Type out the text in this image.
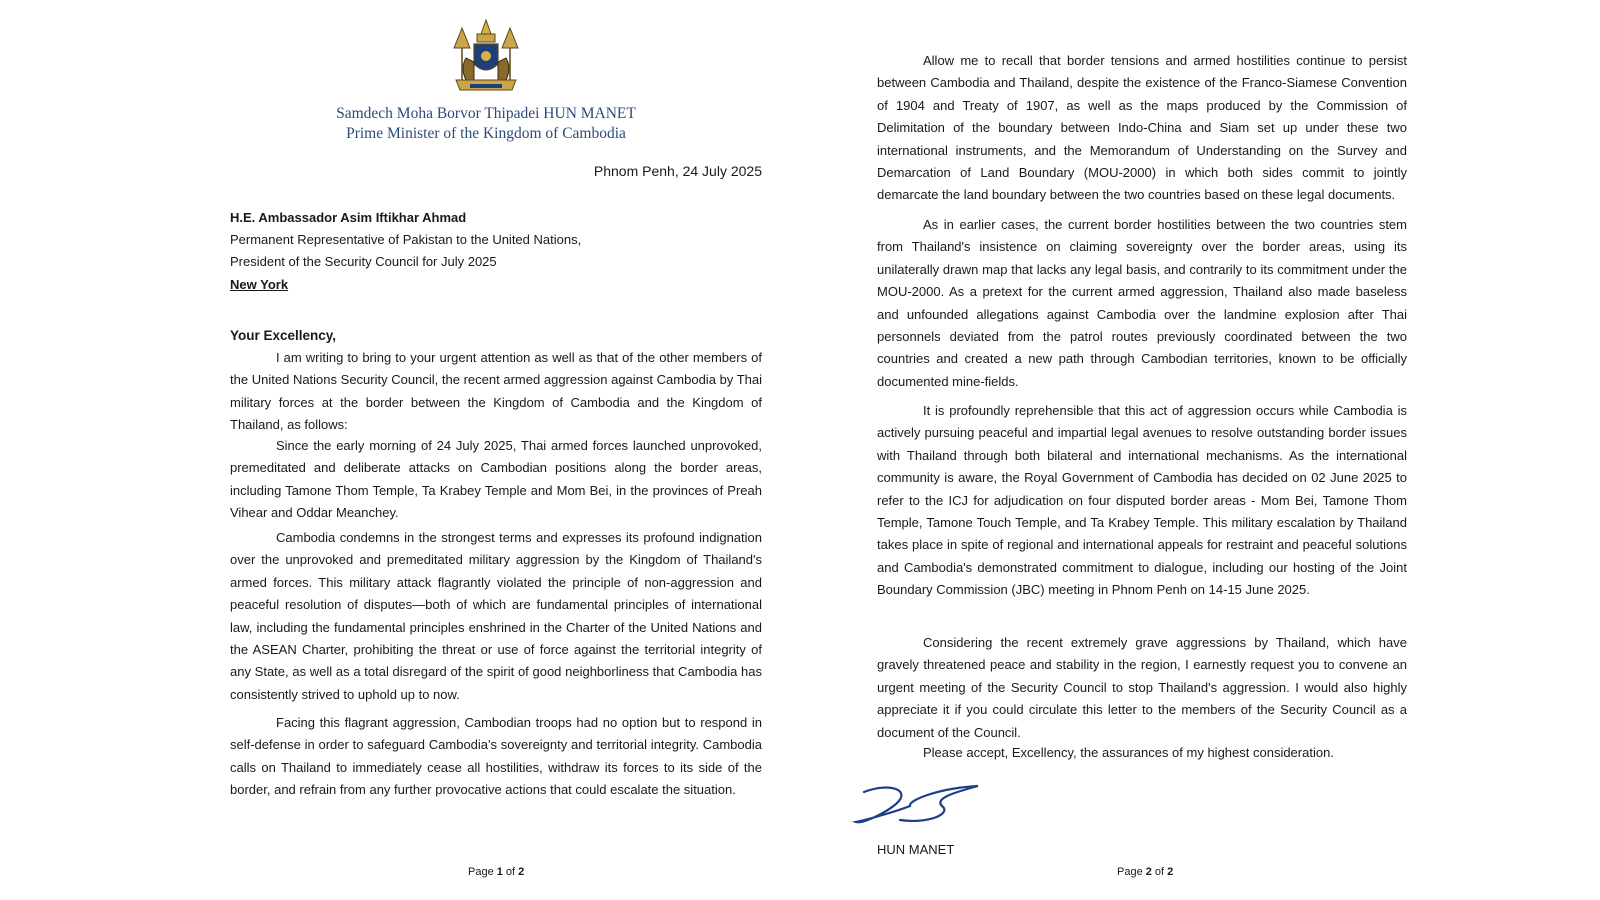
Samdech Moha Borvor Thipadei HUN MANET
Prime Minister of the Kingdom of Cambodia
Phnom Penh, 24 July 2025
H.E. Ambassador Asim Iftikhar Ahmad
Permanent Representative of Pakistan to the United Nations,
President of the Security Council for July 2025
New York
Your Excellency,

I am writing to bring to your urgent attention as well as that of the other members of the United Nations Security Council, the recent armed aggression against Cambodia by Thai military forces at the border between the Kingdom of Cambodia and the Kingdom of Thailand, as follows:

Since the early morning of 24 July 2025, Thai armed forces launched unprovoked, premeditated and deliberate attacks on Cambodian positions along the border areas, including Tamone Thom Temple, Ta Krabey Temple and Mom Bei, in the provinces of Preah Vihear and Oddar Meanchey.

Cambodia condemns in the strongest terms and expresses its profound indignation over the unprovoked and premeditated military aggression by the Kingdom of Thailand's armed forces. This military attack flagrantly violated the principle of non-aggression and peaceful resolution of disputes—both of which are fundamental principles of international law, including the fundamental principles enshrined in the Charter of the United Nations and the ASEAN Charter, prohibiting the threat or use of force against the territorial integrity of any State, as well as a total disregard of the spirit of good neighborliness that Cambodia has consistently strived to uphold up to now.

Facing this flagrant aggression, Cambodian troops had no option but to respond in self-defense in order to safeguard Cambodia's sovereignty and territorial integrity. Cambodia calls on Thailand to immediately cease all hostilities, withdraw its forces to its side of the border, and refrain from any further provocative actions that could escalate the situation.

Page 1 of 2

Allow me to recall that border tensions and armed hostilities continue to persist between Cambodia and Thailand, despite the existence of the Franco-Siamese Convention of 1904 and Treaty of 1907, as well as the maps produced by the Commission of Delimitation of the boundary between Indo-China and Siam set up under these two international instruments, and the Memorandum of Understanding on the Survey and Demarcation of Land Boundary (MOU-2000) in which both sides commit to jointly demarcate the land boundary between the two countries based on these legal documents.

As in earlier cases, the current border hostilities between the two countries stem from Thailand's insistence on claiming sovereignty over the border areas, using its unilaterally drawn map that lacks any legal basis, and contrarily to its commitment under the MOU-2000. As a pretext for the current armed aggression, Thailand also made baseless and unfounded allegations against Cambodia over the landmine explosion after Thai personnels deviated from the patrol routes previously coordinated between the two countries and created a new path through Cambodian territories, known to be officially documented mine-fields.

It is profoundly reprehensible that this act of aggression occurs while Cambodia is actively pursuing peaceful and impartial legal avenues to resolve outstanding border issues with Thailand through both bilateral and international mechanisms. As the international community is aware, the Royal Government of Cambodia has decided on 02 June 2025 to refer to the ICJ for adjudication on four disputed border areas - Mom Bei, Tamone Thom Temple, Tamone Touch Temple, and Ta Krabey Temple. This military escalation by Thailand takes place in spite of regional and international appeals for restraint and peaceful solutions and Cambodia's demonstrated commitment to dialogue, including our hosting of the Joint Boundary Commission (JBC) meeting in Phnom Penh on 14-15 June 2025.

Considering the recent extremely grave aggressions by Thailand, which have gravely threatened peace and stability in the region, I earnestly request you to convene an urgent meeting of the Security Council to stop Thailand's aggression. I would also highly appreciate it if you could circulate this letter to the members of the Security Council as a document of the Council.

Please accept, Excellency, the assurances of my highest consideration.

HUN MANET
Page 2 of 2
